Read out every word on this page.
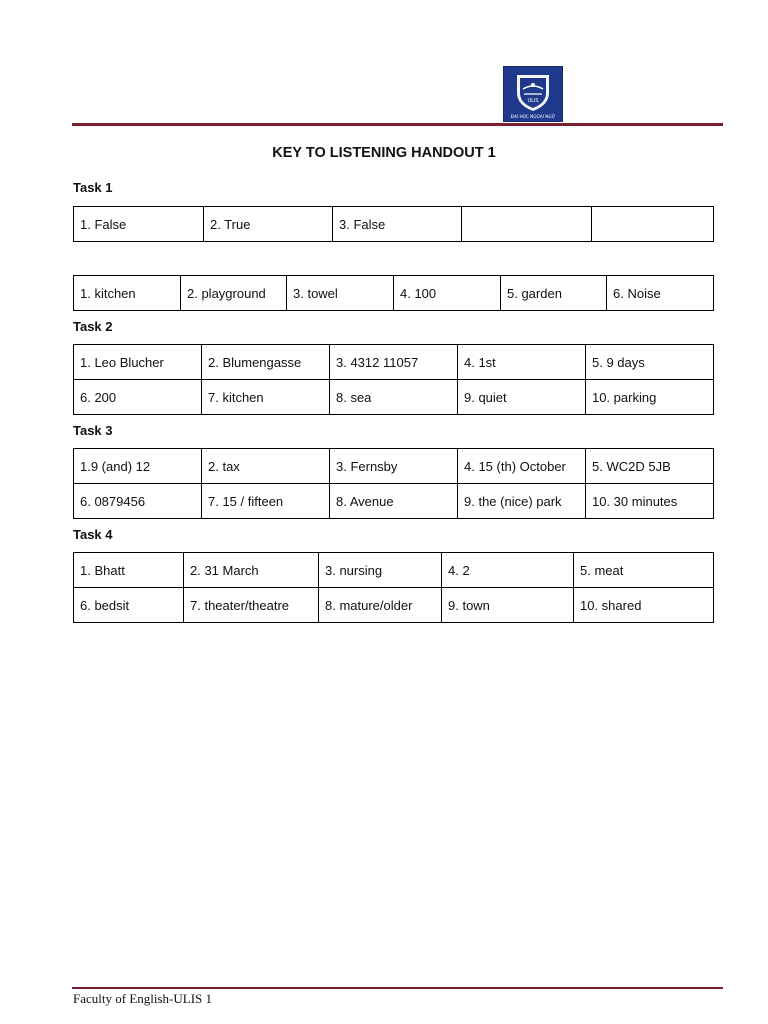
ULIS
ĐẠI HỌC NGOẠI NGỮ
KEY TO LISTENING HANDOUT 1
Task 1
1. False	2. True	3. False		
1. kitchen	2. playground	3. towel	4. 100	5. garden	6. Noise
Task 2
1. Leo Blucher	2. Blumengasse	3. 4312 11057	4. 1st	5. 9 days
6. 200	7. kitchen	8. sea	9. quiet	10. parking
Task 3
1.9 (and) 12	2. tax	3. Fernsby	4. 15 (th) October	5. WC2D 5JB
6. 0879456	7. 15 / fifteen	8. Avenue	9. the (nice) park	10. 30 minutes
Task 4
1. Bhatt	2. 31 March	3. nursing	4. 2	5. meat
6. bedsit	7. theater/theatre	8. mature/older	9. town	10. shared
Faculty of English-ULIS 1
